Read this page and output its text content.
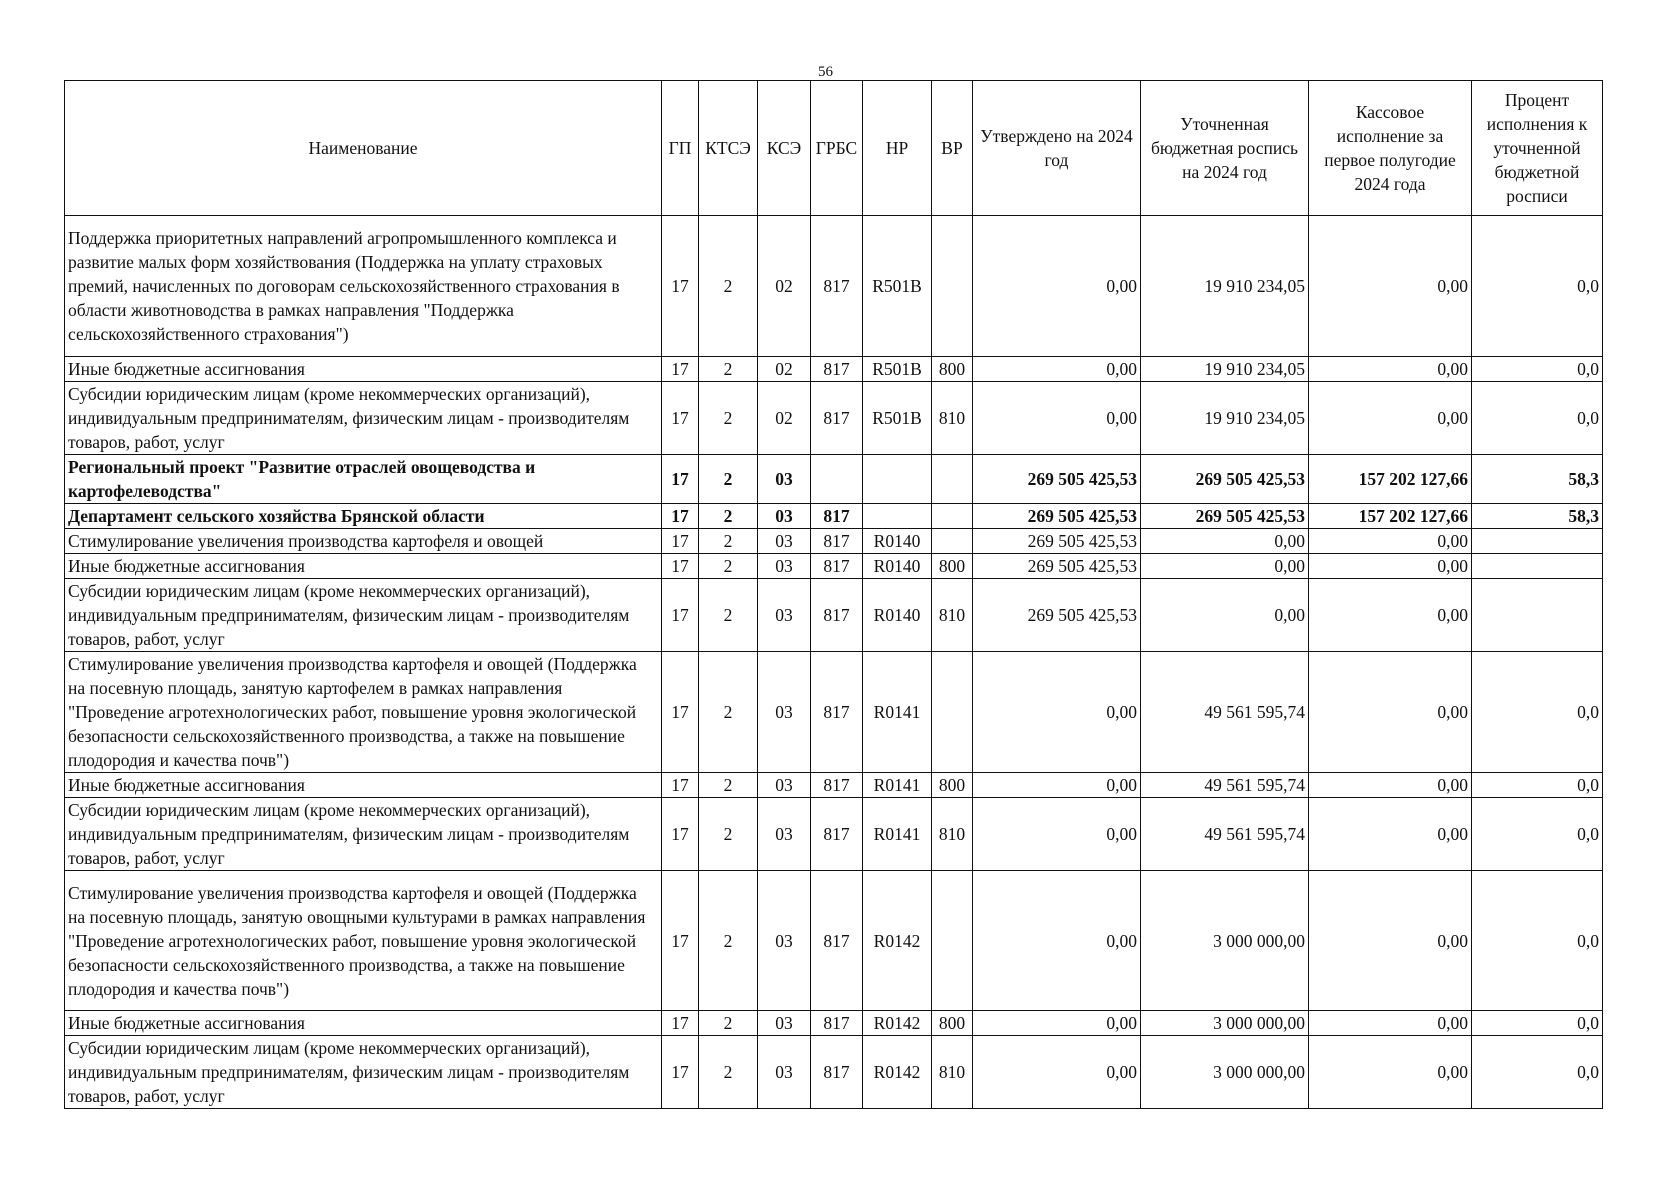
56
Наименование	ГП	КТСЭ	КСЭ	ГРБС	НР	ВР	Утверждено на 2024 год	Уточненная бюджетная роспись на 2024 год	Кассовое исполнение за первое полугодие 2024 года	Процент исполнения к уточненной бюджетной росписи
Поддержка приоритетных направлений агропромышленного комплекса и развитие малых форм хозяйствования (Поддержка на уплату страховых премий, начисленных по договорам сельскохозяйственного страхования в области животноводства в рамках направления "Поддержка сельскохозяйственного страхования")	17	2	02	817	R501B		0,00	19 910 234,05	0,00	0,0
Иные бюджетные ассигнования	17	2	02	817	R501B	800	0,00	19 910 234,05	0,00	0,0
Субсидии юридическим лицам (кроме некоммерческих организаций), индивидуальным предпринимателям, физическим лицам - производителям товаров, работ, услуг	17	2	02	817	R501B	810	0,00	19 910 234,05	0,00	0,0
Региональный проект "Развитие отраслей овощеводства и картофелеводства"	17	2	03				269 505 425,53	269 505 425,53	157 202 127,66	58,3
Департамент сельского хозяйства Брянской области	17	2	03	817			269 505 425,53	269 505 425,53	157 202 127,66	58,3
Стимулирование увеличения производства картофеля и овощей	17	2	03	817	R0140		269 505 425,53	0,00	0,00	
Иные бюджетные ассигнования	17	2	03	817	R0140	800	269 505 425,53	0,00	0,00	
Субсидии юридическим лицам (кроме некоммерческих организаций), индивидуальным предпринимателям, физическим лицам - производителям товаров, работ, услуг	17	2	03	817	R0140	810	269 505 425,53	0,00	0,00	
Стимулирование увеличения производства картофеля и овощей (Поддержка на посевную площадь, занятую картофелем в рамках направления "Проведение агротехнологических работ, повышение уровня экологической безопасности сельскохозяйственного производства, а также на повышение плодородия и качества почв")	17	2	03	817	R0141		0,00	49 561 595,74	0,00	0,0
Иные бюджетные ассигнования	17	2	03	817	R0141	800	0,00	49 561 595,74	0,00	0,0
Субсидии юридическим лицам (кроме некоммерческих организаций), индивидуальным предпринимателям, физическим лицам - производителям товаров, работ, услуг	17	2	03	817	R0141	810	0,00	49 561 595,74	0,00	0,0
Стимулирование увеличения производства картофеля и овощей (Поддержка на посевную площадь, занятую овощными культурами в рамках направления "Проведение агротехнологических работ, повышение уровня экологической безопасности сельскохозяйственного производства, а также на повышение плодородия и качества почв")	17	2	03	817	R0142		0,00	3 000 000,00	0,00	0,0
Иные бюджетные ассигнования	17	2	03	817	R0142	800	0,00	3 000 000,00	0,00	0,0
Субсидии юридическим лицам (кроме некоммерческих организаций), индивидуальным предпринимателям, физическим лицам - производителям товаров, работ, услуг	17	2	03	817	R0142	810	0,00	3 000 000,00	0,00	0,0
